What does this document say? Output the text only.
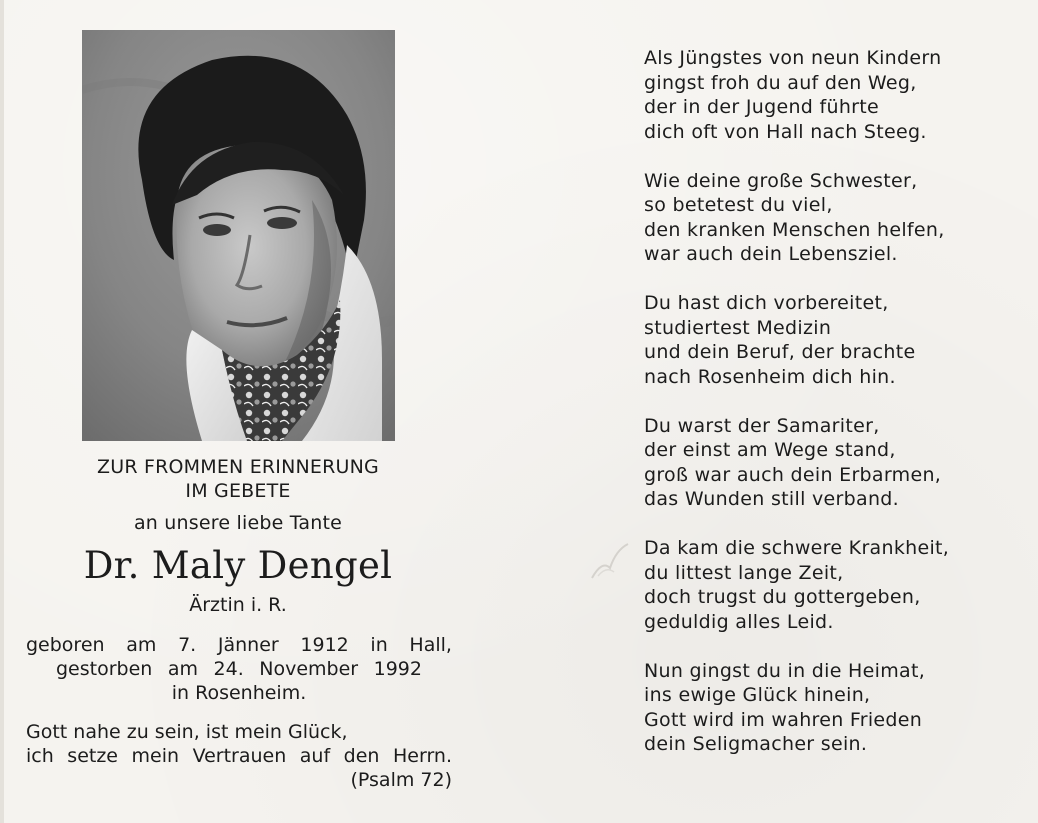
ZUR FROMMEN ERINNERUNG
IM GEBETE
an unsere liebe Tante
Dr. Maly Dengel
Ärztin i. R.
geboren am 7. Jänner 1912 in Hall,
gestorben am 24. November 1992
in Rosenheim.
Gott nahe zu sein, ist mein Glück,
ich setze mein Vertrauen auf den Herrn.
(Psalm 72)
Als Jüngstes von neun Kindern
gingst froh du auf den Weg,
der in der Jugend führte
dich oft von Hall nach Steeg.
Wie deine große Schwester,
so betetest du viel,
den kranken Menschen helfen,
war auch dein Lebensziel.
Du hast dich vorbereitet,
studiertest Medizin
und dein Beruf, der brachte
nach Rosenheim dich hin.
Du warst der Samariter,
der einst am Wege stand,
groß war auch dein Erbarmen,
das Wunden still verband.
Da kam die schwere Krankheit,
du littest lange Zeit,
doch trugst du gottergeben,
geduldig alles Leid.
Nun gingst du in die Heimat,
ins ewige Glück hinein,
Gott wird im wahren Frieden
dein Seligmacher sein.
